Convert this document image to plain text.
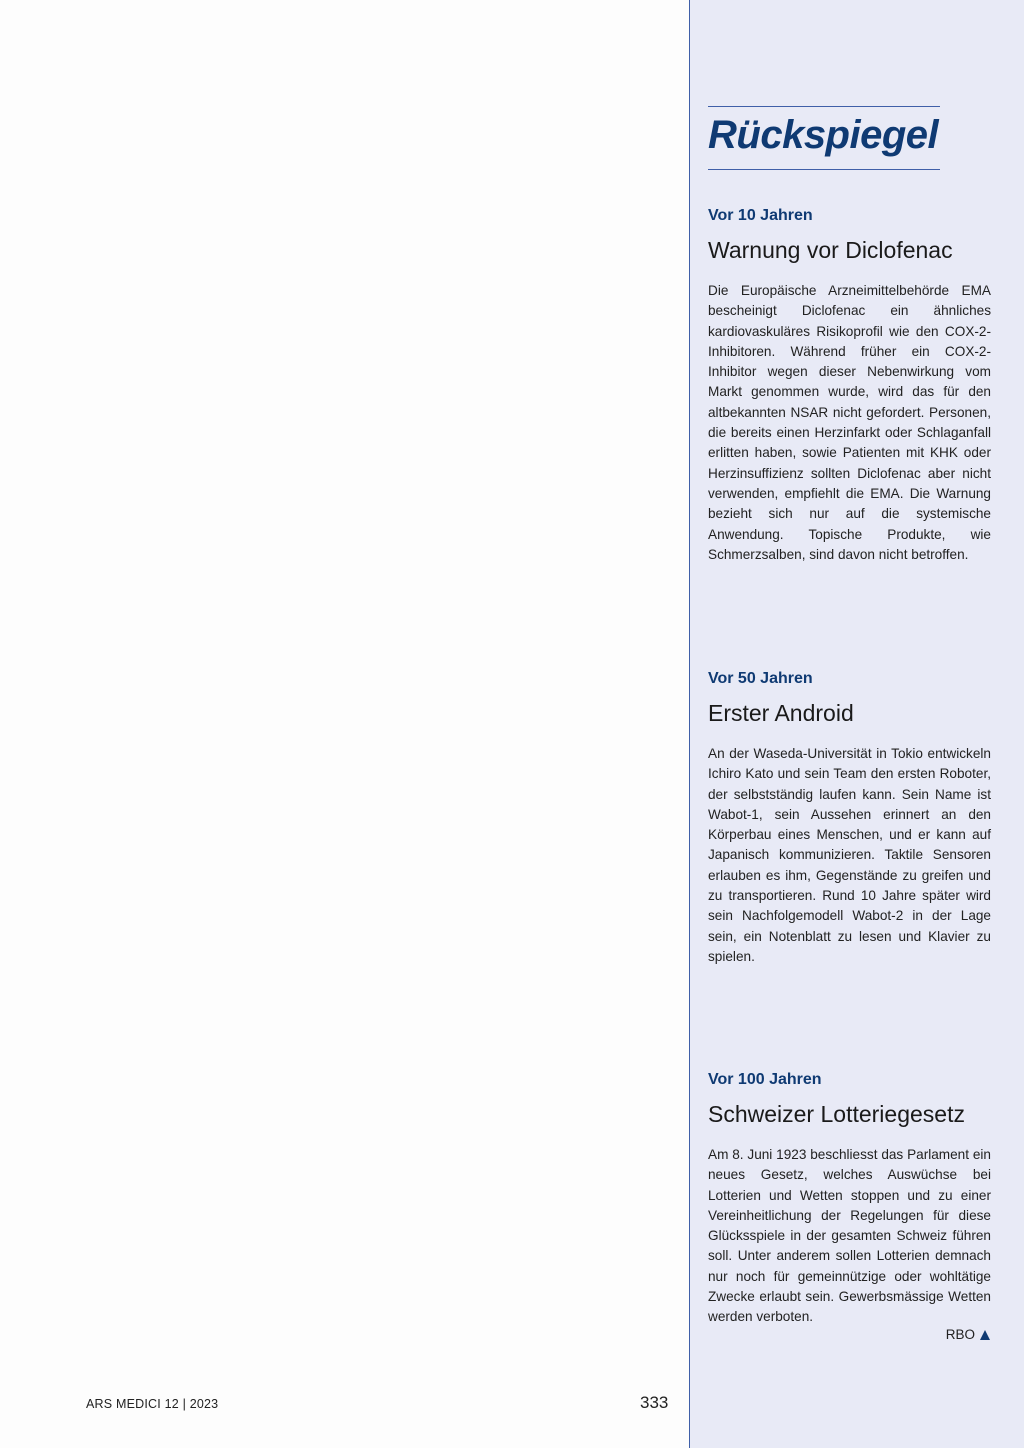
Rückspiegel
Vor 10 Jahren
Warnung vor Diclofenac

Die Europäische Arzneimittelbehörde EMA bescheinigt Diclofenac ein ähnliches kardiovaskuläres Risikoprofil wie den COX-2-Inhibitoren. Während früher ein COX-2-Inhibitor wegen dieser Nebenwirkung vom Markt genommen wurde, wird das für den altbekannten NSAR nicht gefordert. Personen, die bereits einen Herzinfarkt oder Schlaganfall erlitten haben, sowie Patienten mit KHK oder Herzinsuffizienz sollten Diclofenac aber nicht verwenden, empfiehlt die EMA. Die Warnung bezieht sich nur auf die systemische Anwendung. Topische Produkte, wie Schmerzsalben, sind davon nicht betroffen.

Vor 50 Jahren
Erster Android

An der Waseda-Universität in Tokio entwickeln Ichiro Kato und sein Team den ersten Roboter, der selbstständig laufen kann. Sein Name ist Wabot-1, sein Aussehen erinnert an den Körperbau eines Menschen, und er kann auf Japanisch kommunizieren. Taktile Sensoren erlauben es ihm, Gegenstände zu greifen und zu transportieren. Rund 10 Jahre später wird sein Nachfolgemodell Wabot-2 in der Lage sein, ein Notenblatt zu lesen und Klavier zu spielen.

Vor 100 Jahren
Schweizer Lotteriegesetz

Am 8. Juni 1923 beschliesst das Parlament ein neues Gesetz, welches Auswüchse bei Lotterien und Wetten stoppen und zu einer Vereinheitlichung der Regelungen für diese Glücksspiele in der gesamten Schweiz führen soll. Unter anderem sollen Lotterien demnach nur noch für gemeinnützige oder wohltätige Zwecke erlaubt sein. Gewerbsmässige Wetten werden verboten.

RBO
ARS MEDICI 12 | 2023	333
